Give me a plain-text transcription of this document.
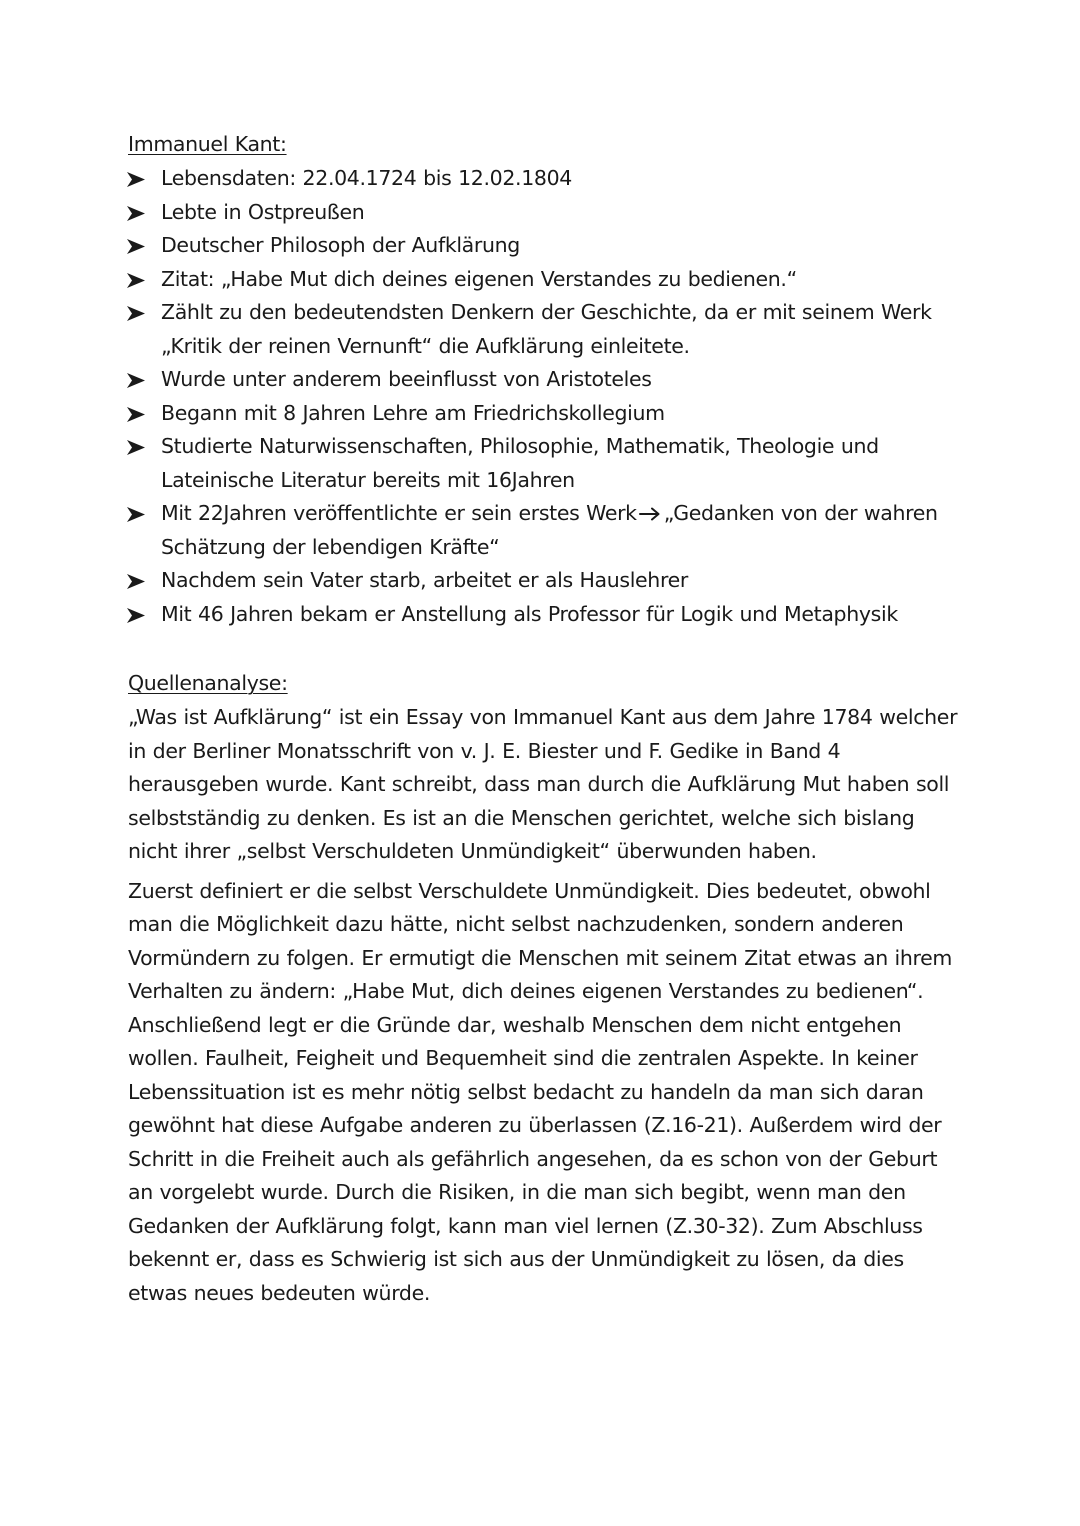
Immanuel Kant:
Lebensdaten: 22.04.1724 bis 12.02.1804
Lebte in Ostpreußen
Deutscher Philosoph der Aufklärung
Zitat: „Habe Mut dich deines eigenen Verstandes zu bedienen.“
Zählt zu den bedeutendsten Denkern der Geschichte, da er mit seinem Werk „Kritik der reinen Vernunft“ die Aufklärung einleitete.
Wurde unter anderem beeinflusst von Aristoteles
Begann mit 8 Jahren Lehre am Friedrichskollegium
Studierte Naturwissenschaften, Philosophie, Mathematik, Theologie und Lateinische Literatur bereits mit 16Jahren
Mit 22Jahren veröffentlichte er sein erstes Werk „Gedanken von der wahren Schätzung der lebendigen Kräfte“
Nachdem sein Vater starb, arbeitet er als Hauslehrer
Mit 46 Jahren bekam er Anstellung als Professor für Logik und Metaphysik
Quellenanalyse:

„Was ist Aufklärung“ ist ein Essay von Immanuel Kant aus dem Jahre 1784 welcher in der Berliner Monatsschrift von v. J. E. Biester und F. Gedike in Band 4 herausgeben wurde. Kant schreibt, dass man durch die Aufklärung Mut haben soll selbstständig zu denken. Es ist an die Menschen gerichtet, welche sich bislang nicht ihrer „selbst Verschuldeten Unmündigkeit“ überwunden haben.

Zuerst definiert er die selbst Verschuldete Unmündigkeit. Dies bedeutet, obwohl man die Möglichkeit dazu hätte, nicht selbst nachzudenken, sondern anderen Vormündern zu folgen. Er ermutigt die Menschen mit seinem Zitat etwas an ihrem Verhalten zu ändern: „Habe Mut, dich deines eigenen Verstandes zu bedienen“. Anschließend legt er die Gründe dar, weshalb Menschen dem nicht entgehen wollen. Faulheit, Feigheit und Bequemheit sind die zentralen Aspekte. In keiner Lebenssituation ist es mehr nötig selbst bedacht zu handeln da man sich daran gewöhnt hat diese Aufgabe anderen zu überlassen (Z.16-21). Außerdem wird der Schritt in die Freiheit auch als gefährlich angesehen, da es schon von der Geburt an vorgelebt wurde. Durch die Risiken, in die man sich begibt, wenn man den Gedanken der Aufklärung folgt, kann man viel lernen (Z.30-32). Zum Abschluss bekennt er, dass es Schwierig ist sich aus der Unmündigkeit zu lösen, da dies etwas neues bedeuten würde.
